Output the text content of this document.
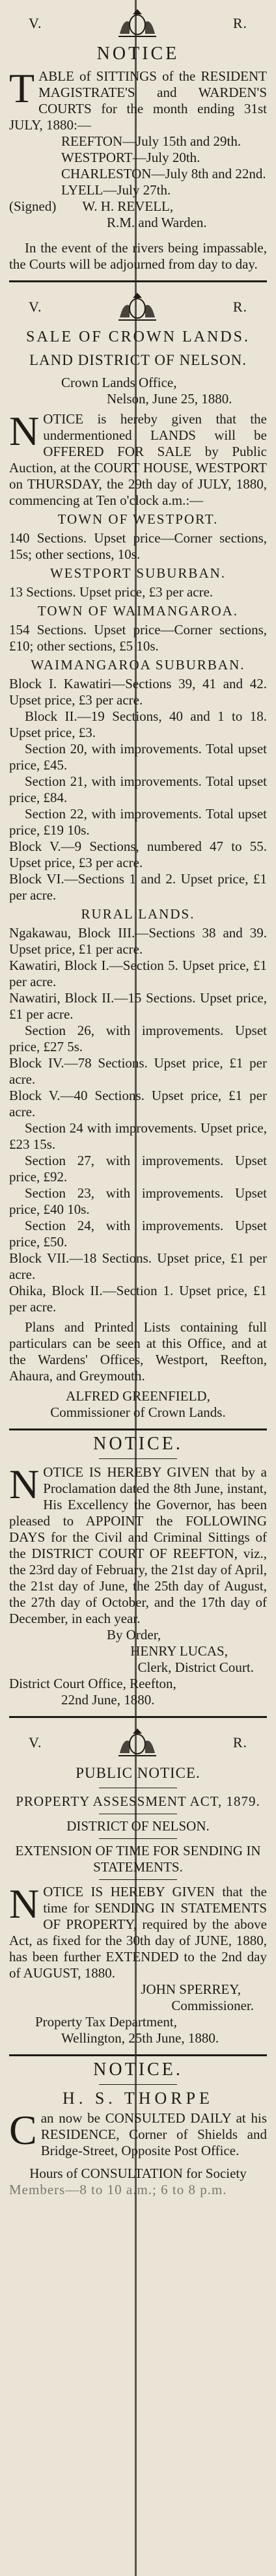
V.	R.
NOTICE

TABLE of SITTINGS of the RESIDENT MAGISTRATE'S and WARDEN'S COURTS for the month ending 31st JULY, 1880:—

REEFTON—July 15th and 29th.
WESTPORT—July 20th.
CHARLESTON—July 8th and 22nd.
LYELL—July 27th.
(Signed) W. H. REVELL,
R.M. and Warden.

In the event of the rivers being impassable, the Courts will be adjourned from day to day.

V.	R.
SALE OF CROWN LANDS.
LAND DISTRICT OF NELSON.
Crown Lands Office,
Nelson, June 25, 1880.

NOTICE is hereby given that the undermentioned LANDS will be OFFERED FOR SALE by Public Auction, at the COURT HOUSE, WESTPORT on THURSDAY, the 29th day of JULY, 1880, commencing at Ten o'clock a.m.:—

TOWN OF WESTPORT.

140 Sections. Upset price—Corner sections, 15s; other sections, 10s.

WESTPORT SUBURBAN.

13 Sections. Upset price, £3 per acre.

TOWN OF WAIMANGAROA.

154 Sections. Upset price—Corner sections, £10; other sections, £5 10s.

WAIMANGAROA SUBURBAN.

Block I. Kawatiri—Sections 39, 41 and 42. Upset price, £3 per acre.

Block II.—19 Sections, 40 and 1 to 18. Upset price, £3.

Section 20, with improvements. Total upset price, £45.

Section 21, with improvements. Total upset price, £84.

Section 22, with improvements. Total upset price, £19 10s.

Block V.—9 Sections, numbered 47 to 55. Upset price, £3 per acre.

Block VI.—Sections 1 and 2. Upset price, £1 per acre.

RURAL LANDS.

Ngakawau, Block III.—Sections 38 and 39. Upset price, £1 per acre.

Kawatiri, Block I.—Section 5. Upset price, £1 per acre.

Nawatiri, Block II.—15 Sections. Upset price, £1 per acre.

Section 26, with improvements. Upset price, £27 5s.

Block IV.—78 Sections. Upset price, £1 per acre.

Block V.—40 Sections. Upset price, £1 per acre.

Section 24 with improvements. Upset price, £23 15s.

Section 27, with improvements. Upset price, £92.

Section 23, with improvements. Upset price, £40 10s.

Section 24, with improvements. Upset price, £50.

Block VII.—18 Sections. Upset price, £1 per acre.

Ohika, Block II.—Section 1. Upset price, £1 per acre.

Plans and Printed Lists containing full particulars can be seen at this Office, and at the Wardens' Offices, Westport, Reefton, Ahaura, and Greymouth.

ALFRED GREENFIELD,
Commissioner of Crown Lands.
NOTICE.

NOTICE IS HEREBY GIVEN that by a Proclamation dated the 8th June, instant, His Excellency the Governor, has been pleased to APPOINT the FOLLOWING DAYS for the Civil and Criminal Sittings of the DISTRICT COURT OF REEFTON, viz., the 23rd day of February, the 21st day of April, the 21st day of June, the 25th day of August, the 27th day of October, and the 17th day of December, in each year.

By Order,
HENRY LUCAS,
Clerk, District Court.
District Court Office, Reefton,
22nd June, 1880.
V.	R.
PUBLIC NOTICE.
PROPERTY ASSESSMENT ACT, 1879.
DISTRICT OF NELSON.
EXTENSION OF TIME FOR SENDING IN STATEMENTS.

NOTICE IS HEREBY GIVEN that the time for SENDING IN STATEMENTS OF PROPERTY, required by the above Act, as fixed for the 30th day of JUNE, 1880, has been further EXTENDED to the 2nd day of AUGUST, 1880.

JOHN SPERREY,
Commissioner.
Property Tax Department,
Wellington, 25th June, 1880.
NOTICE.
H. S. THORPE

Can now be CONSULTED DAILY at his RESIDENCE, Corner of Shields and Bridge-Street, Opposite Post Office.

Hours of CONSULTATION for Society
Members—8 to 10 a.m.; 6 to 8 p.m.
